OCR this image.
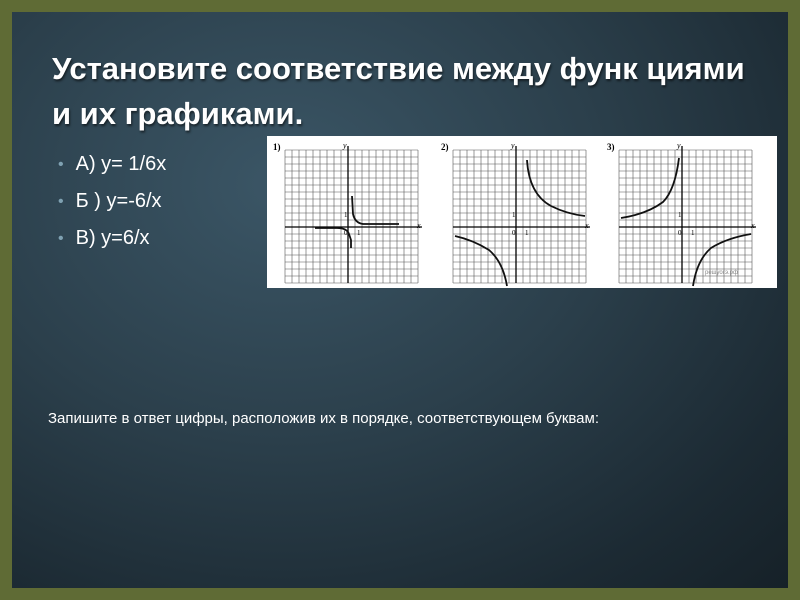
Установите соответствие между функ циями и их графиками.
• А) y= 1/6x
• Б ) y=-6/x
• В) y=6/x
1)	y
x
1
0 1
2)	y
x
1
0 1
3)	y
x
1
0 1
решуогэ.рф

Запишите в ответ цифры, расположив их в порядке, соответствующем буквам:
